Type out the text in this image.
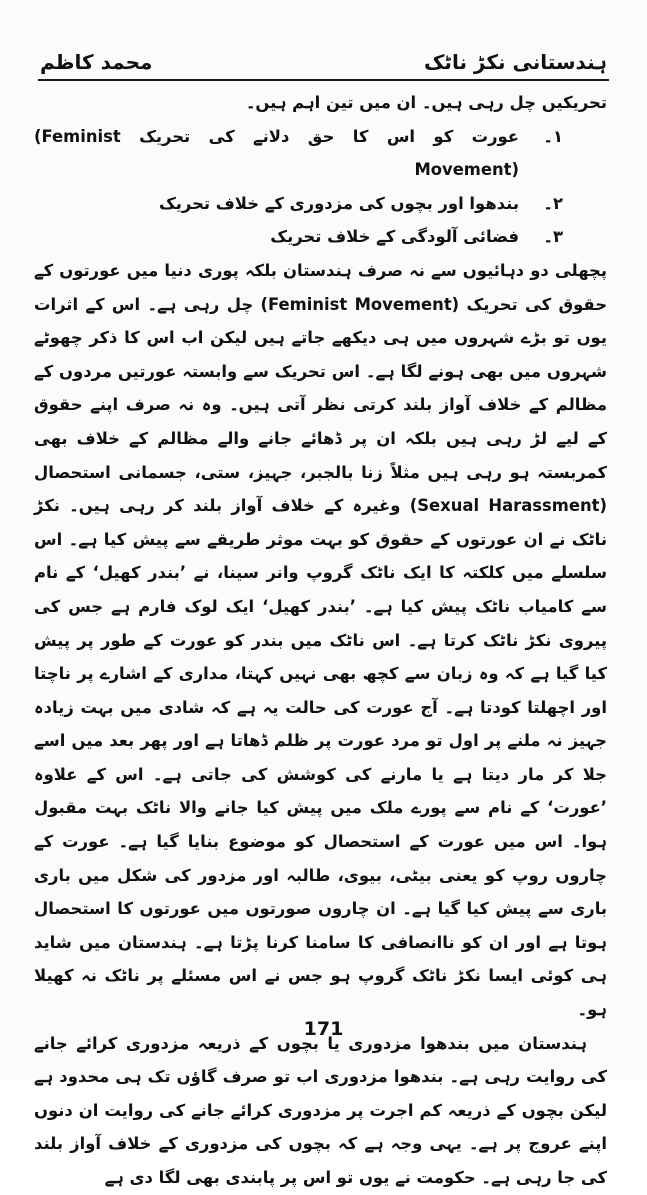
ہندستانی نکڑ ناٹک
محمد کاظم

تحریکیں چل رہی ہیں۔ ان میں تین اہم ہیں۔

۱۔
عورت کو اس کا حق دلانے کی تحریک (Feminist Movement)
۲۔
بندھوا اور بچوں کی مزدوری کے خلاف تحریک
۳۔
فضائی آلودگی کے خلاف تحریک

پچھلی دو دہائیوں سے نہ صرف ہندستان بلکہ پوری دنیا میں عورتوں کے حقوق کی تحریک (Feminist Movement) چل رہی ہے۔ اس کے اثرات یوں تو بڑے شہروں میں ہی دیکھے جاتے ہیں لیکن اب اس کا ذکر چھوٹے شہروں میں بھی ہونے لگا ہے۔ اس تحریک سے وابستہ عورتیں مردوں کے مظالم کے خلاف آواز بلند کرتی نظر آتی ہیں۔ وہ نہ صرف اپنے حقوق کے لیے لڑ رہی ہیں بلکہ ان پر ڈھائے جانے والے مظالم کے خلاف بھی کمربستہ ہو رہی ہیں مثلاً زنا بالجبر، جہیز، ستی، جسمانی استحصال (Sexual Harassment) وغیرہ کے خلاف آواز بلند کر رہی ہیں۔ نکڑ ناٹک نے ان عورتوں کے حقوق کو بہت موثر طریقے سے پیش کیا ہے۔ اس سلسلے میں کلکتہ کا ایک ناٹک گروپ وانر سینا، نے ’بندر کھیل‘ کے نام سے کامیاب ناٹک پیش کیا ہے۔ ’بندر کھیل‘ ایک لوک فارم ہے جس کی پیروی نکڑ ناٹک کرتا ہے۔ اس ناٹک میں بندر کو عورت کے طور پر پیش کیا گیا ہے کہ وہ زبان سے کچھ بھی نہیں کہتا، مداری کے اشارے پر ناچتا اور اچھلتا کودتا ہے۔ آج عورت کی حالت یہ ہے کہ شادی میں بہت زیادہ جہیز نہ ملنے پر اول تو مرد عورت پر ظلم ڈھاتا ہے اور پھر بعد میں اسے جلا کر مار دیتا ہے یا مارنے کی کوشش کی جاتی ہے۔ اس کے علاوہ ’عورت‘ کے نام سے پورے ملک میں پیش کیا جانے والا ناٹک بہت مقبول ہوا۔ اس میں عورت کے استحصال کو موضوع بنایا گیا ہے۔ عورت کے چاروں روپ کو یعنی بیٹی، بیوی، طالبہ اور مزدور کی شکل میں باری باری سے پیش کیا گیا ہے۔ ان چاروں صورتوں میں عورتوں کا استحصال ہوتا ہے اور ان کو ناانصافی کا سامنا کرنا پڑتا ہے۔ ہندستان میں شاید ہی کوئی ایسا نکڑ ناٹک گروپ ہو جس نے اس مسئلے پر ناٹک نہ کھیلا ہو۔

ہندستان میں بندھوا مزدوری یا بچوں کے ذریعہ مزدوری کرائے جانے کی روایت رہی ہے۔ بندھوا مزدوری اب تو صرف گاؤں تک ہی محدود ہے لیکن بچوں کے ذریعہ کم اجرت پر مزدوری کرائے جانے کی روایت ان دنوں اپنے عروج پر ہے۔ یہی وجہ ہے کہ بچوں کی مزدوری کے خلاف آواز بلند کی جا رہی ہے۔ حکومت نے یوں تو اس پر پابندی بھی لگا دی ہے

171
